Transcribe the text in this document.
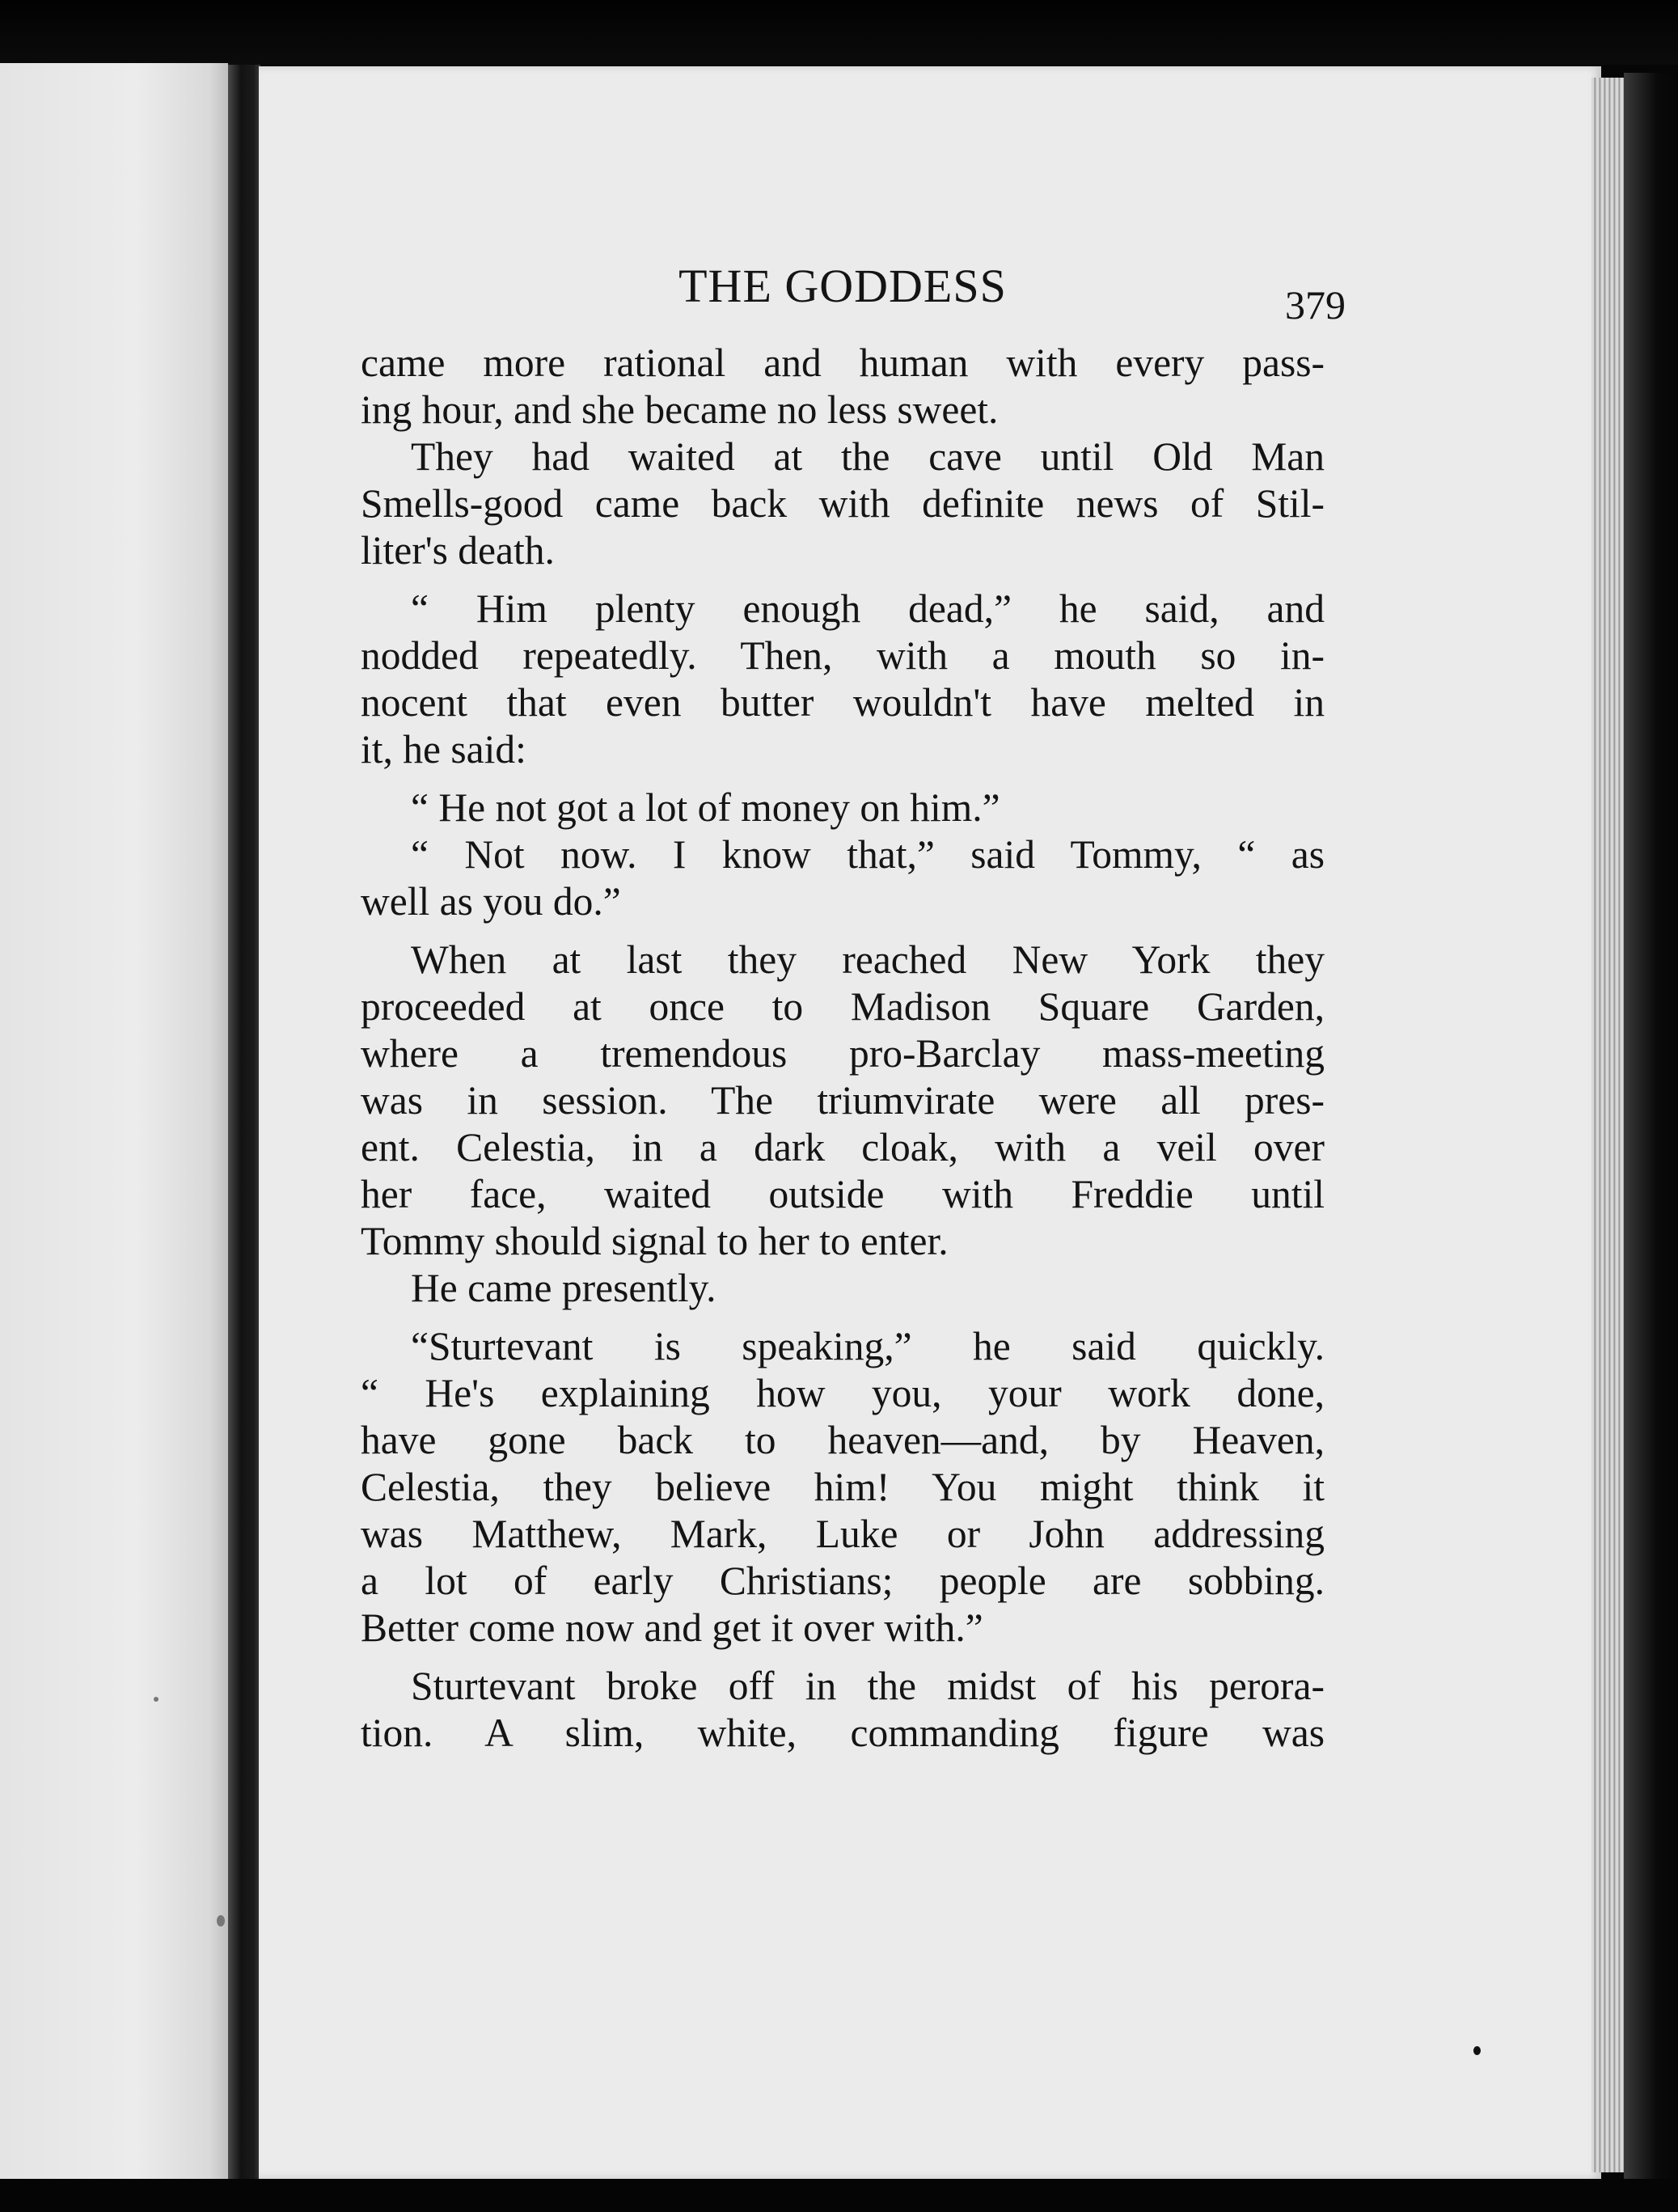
THE GODDESS	379
came more rational and human with every pass-
ing hour, and she became no less sweet.
They had waited at the cave until Old Man
Smells-good came back with definite news of Stil-
liter's death.
“ Him plenty enough dead,” he said, and
nodded repeatedly. Then, with a mouth so in-
nocent that even butter wouldn't have melted in
it, he said:
“ He not got a lot of money on him.”
“ Not now. I know that,” said Tommy, “ as
well as you do.”
When at last they reached New York they
proceeded at once to Madison Square Garden,
where a tremendous pro-Barclay mass-meeting
was in session. The triumvirate were all pres-
ent. Celestia, in a dark cloak, with a veil over
her face, waited outside with Freddie until
Tommy should signal to her to enter.
He came presently.
“Sturtevant is speaking,” he said quickly.
“ He's explaining how you, your work done,
have gone back to heaven—and, by Heaven,
Celestia, they believe him! You might think it
was Matthew, Mark, Luke or John addressing
a lot of early Christians; people are sobbing.
Better come now and get it over with.”
Sturtevant broke off in the midst of his perora-
tion. A slim, white, commanding figure was
